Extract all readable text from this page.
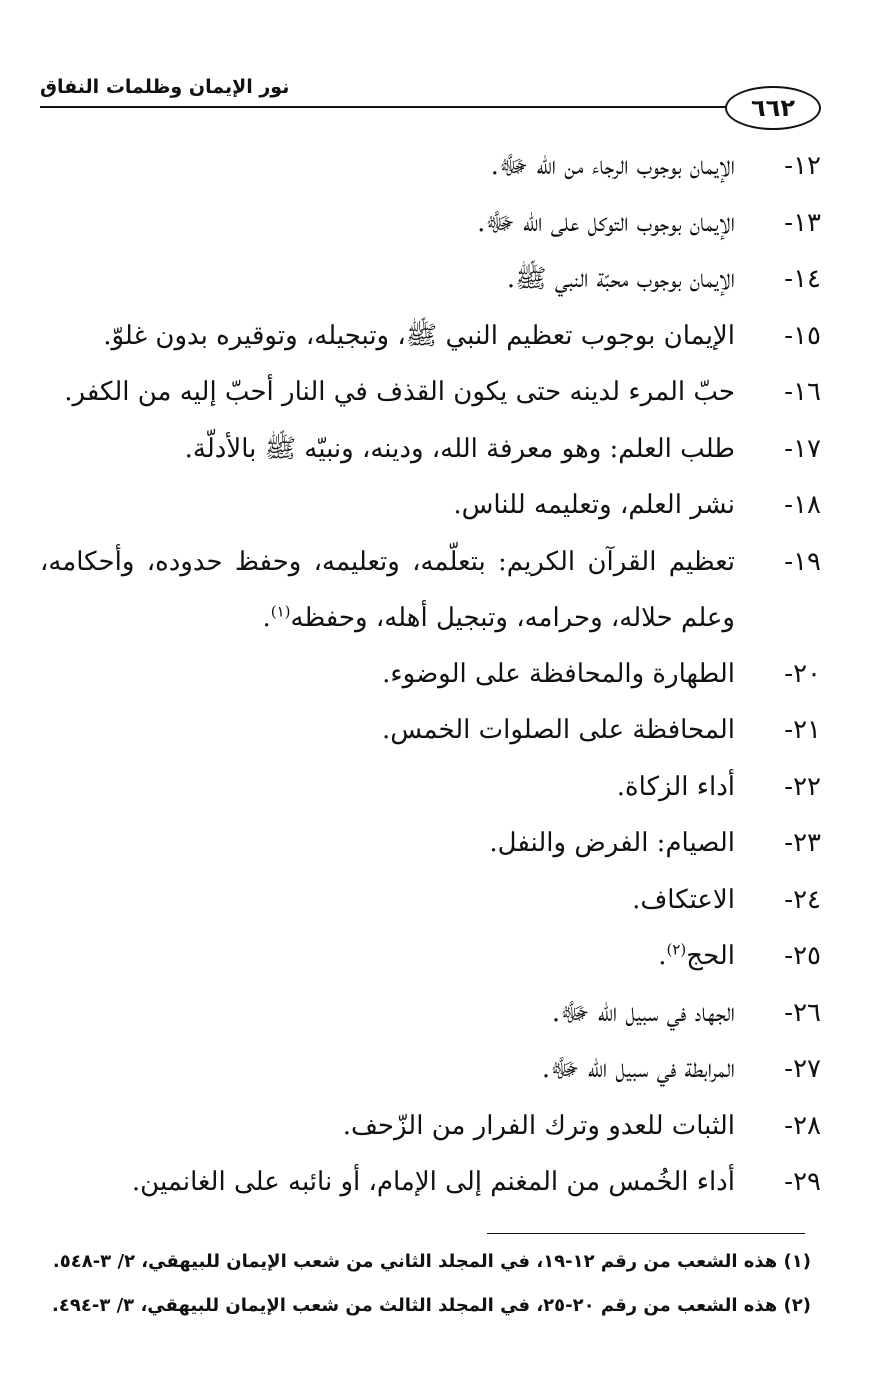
نور الإيمان وظلمات النفاق
٦٦٢
١٢-
الإيمان بوجوب الرجاء من الله ﷻ.
١٣-
الإيمان بوجوب التوكل على الله ﷻ.
١٤-
الإيمان بوجوب محبّة النبي ﷺ.
١٥-
الإيمان بوجوب تعظيم النبي ﷺ، وتبجيله، وتوقيره بدون غلوّ.
١٦-
حبّ المرء لدينه حتى يكون القذف في النار أحبّ إليه من الكفر.
١٧-
طلب العلم: وهو معرفة الله، ودينه، ونبيّه ﷺ بالأدلّة.
١٨-
نشر العلم، وتعليمه للناس.
١٩-
تعظيم القرآن الكريم: بتعلّمه، وتعليمه، وحفظ حدوده، وأحكامه، وعلم حلاله، وحرامه، وتبجيل أهله، وحفظه$^{(١)}$.
٢٠-
الطهارة والمحافظة على الوضوء.
٢١-
المحافظة على الصلوات الخمس.
٢٢-
أداء الزكاة.
٢٣-
الصيام: الفرض والنفل.
٢٤-
الاعتكاف.
٢٥-
الحج$^{(٢)}$.
٢٦-
الجهاد في سبيل الله ﷻ.
٢٧-
المرابطة في سبيل الله ﷻ.
٢٨-
الثبات للعدو وترك الفرار من الزّحف.
٢٩-
أداء الخُمس من المغنم إلى الإمام، أو نائبه على الغانمين.
(١) هذه الشعب من رقم ١٢-١٩، في المجلد الثاني من شعب الإيمان للبيهقي، ٢/ ٣-٥٤٨.
(٢) هذه الشعب من رقم ٢٠-٢٥، في المجلد الثالث من شعب الإيمان للبيهقي، ٣/ ٣-٤٩٤.
